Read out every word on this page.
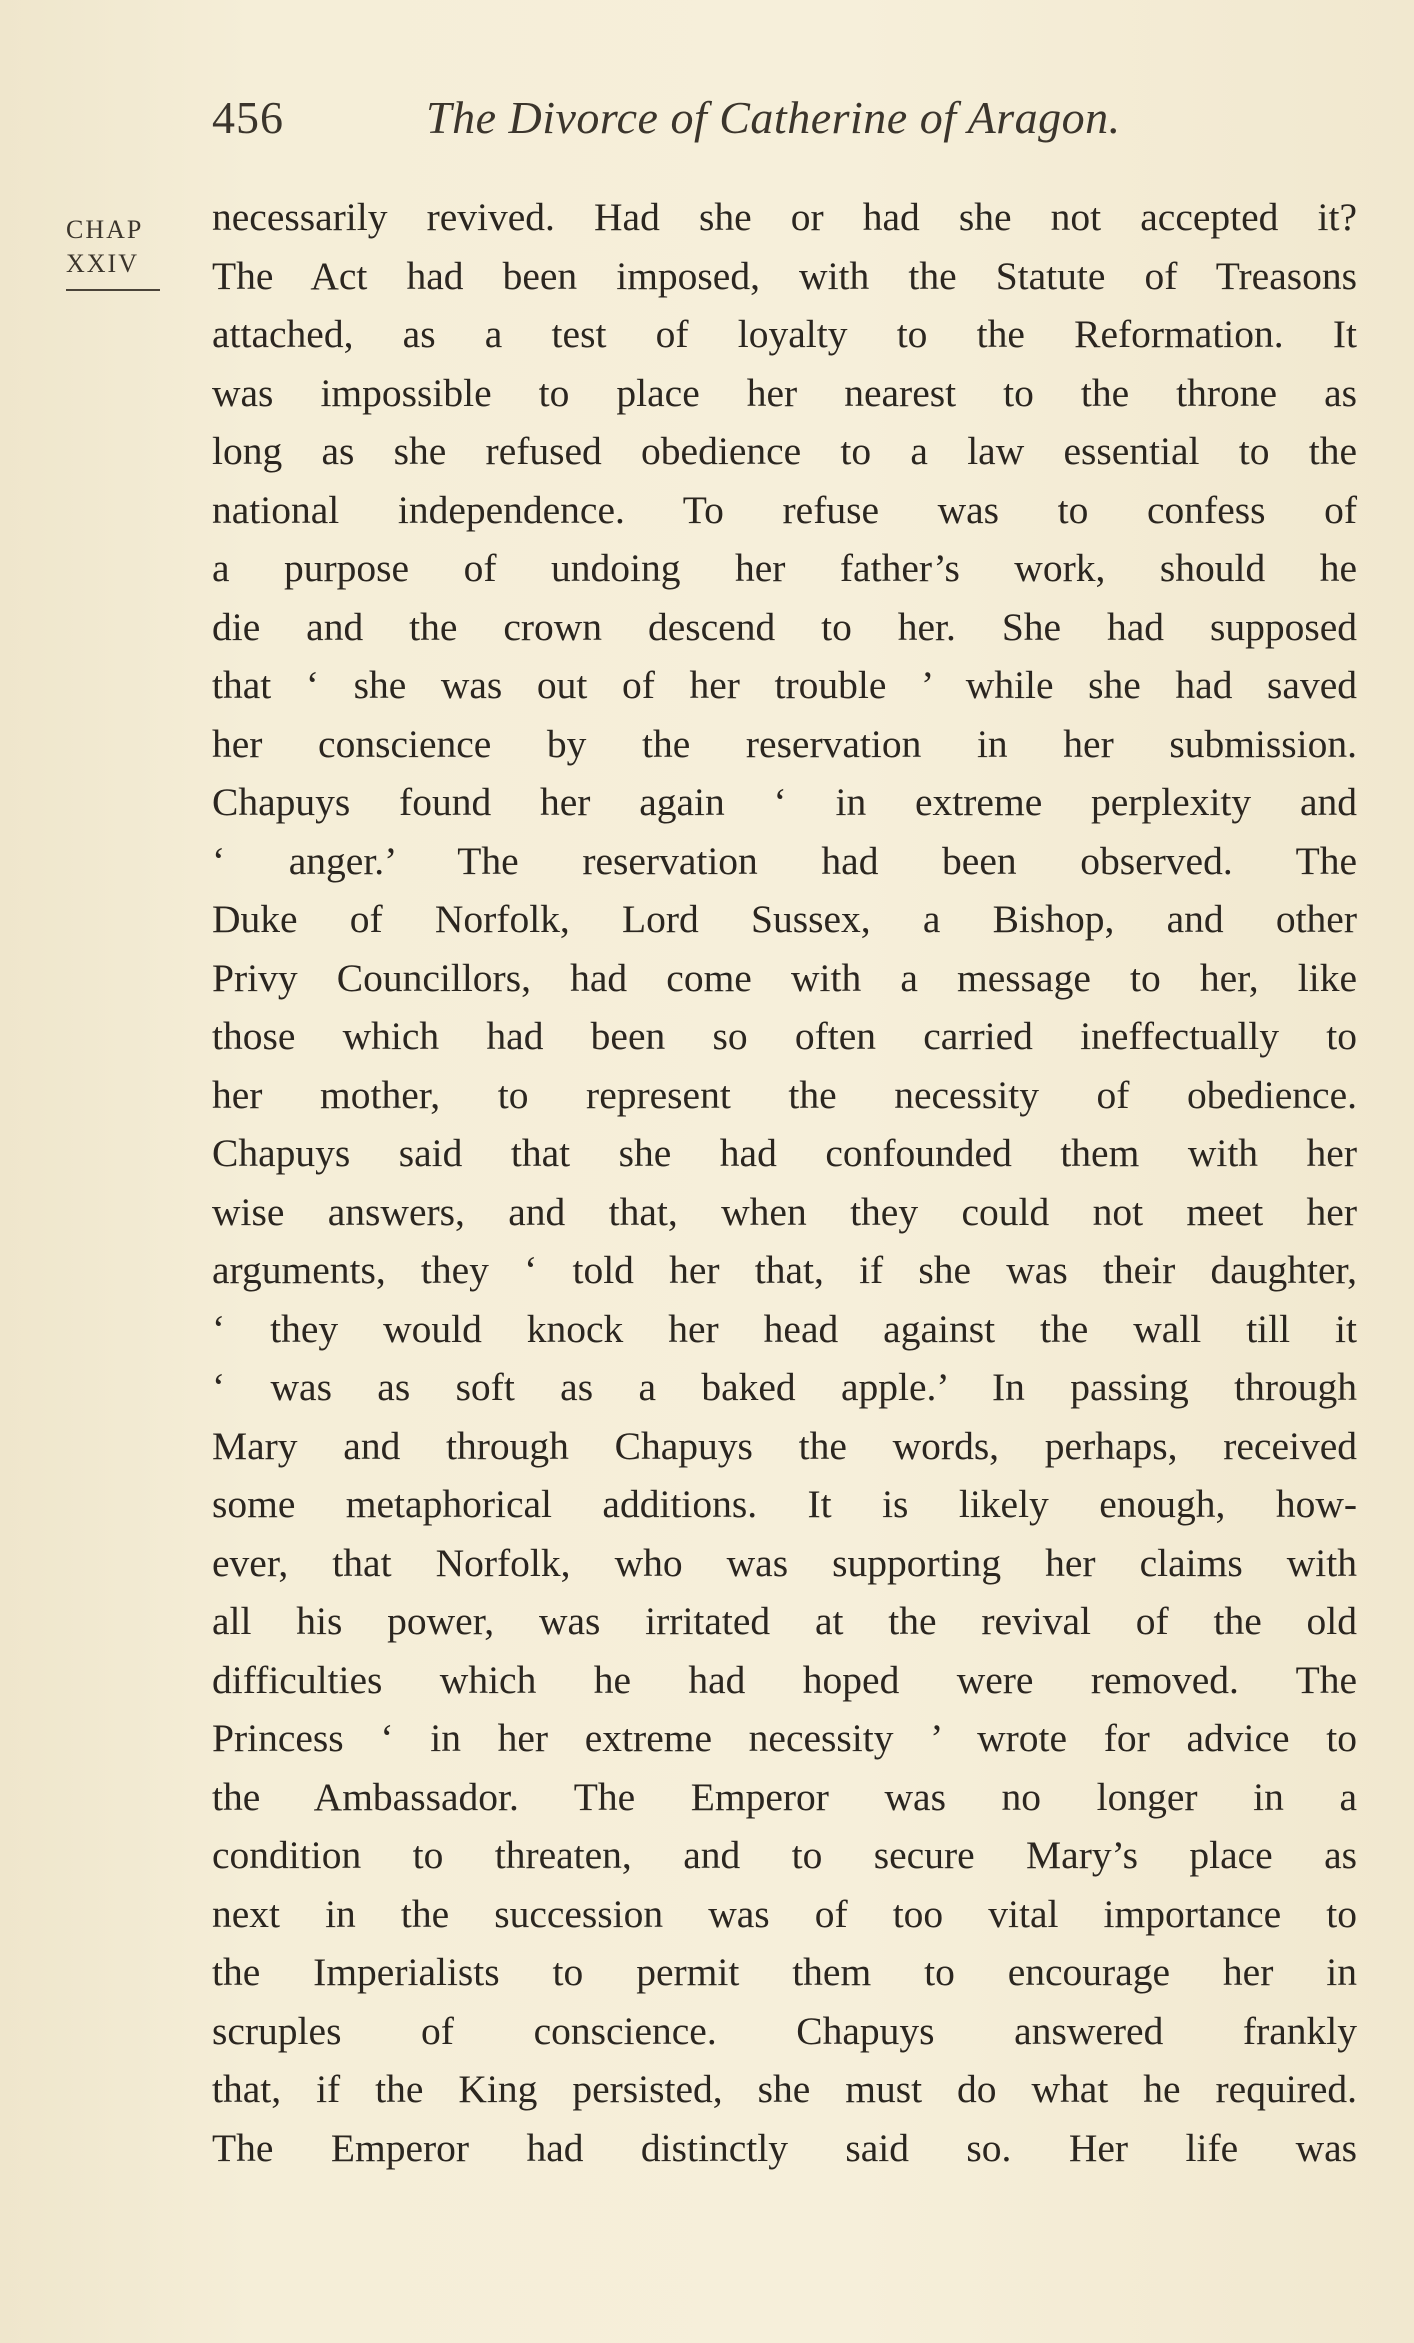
456	The Divorce of Catherine of Aragon.
CHAP
XXIV
necessarily revived. Had she or had she not accepted it?
The Act had been imposed, with the Statute of Treasons
attached, as a test of loyalty to the Reformation. It
was impossible to place her nearest to the throne as
long as she refused obedience to a law essential to the
national independence. To refuse was to confess of
a purpose of undoing her father’s work, should he
die and the crown descend to her. She had supposed
that ‘ she was out of her trouble ’ while she had saved
her conscience by the reservation in her submission.
Chapuys found her again ‘ in extreme perplexity and
‘ anger.’ The reservation had been observed. The
Duke of Norfolk, Lord Sussex, a Bishop, and other
Privy Councillors, had come with a message to her, like
those which had been so often carried ineffectually to
her mother, to represent the necessity of obedience.
Chapuys said that she had confounded them with her
wise answers, and that, when they could not meet her
arguments, they ‘ told her that, if she was their daughter,
‘ they would knock her head against the wall till it
‘ was as soft as a baked apple.’ In passing through
Mary and through Chapuys the words, perhaps, received
some metaphorical additions. It is likely enough, how-
ever, that Norfolk, who was supporting her claims with
all his power, was irritated at the revival of the old
difficulties which he had hoped were removed. The
Princess ‘ in her extreme necessity ’ wrote for advice to
the Ambassador. The Emperor was no longer in a
condition to threaten, and to secure Mary’s place as
next in the succession was of too vital importance to
the Imperialists to permit them to encourage her in
scruples of conscience. Chapuys answered frankly
that, if the King persisted, she must do what he required.
The Emperor had distinctly said so. Her life was
